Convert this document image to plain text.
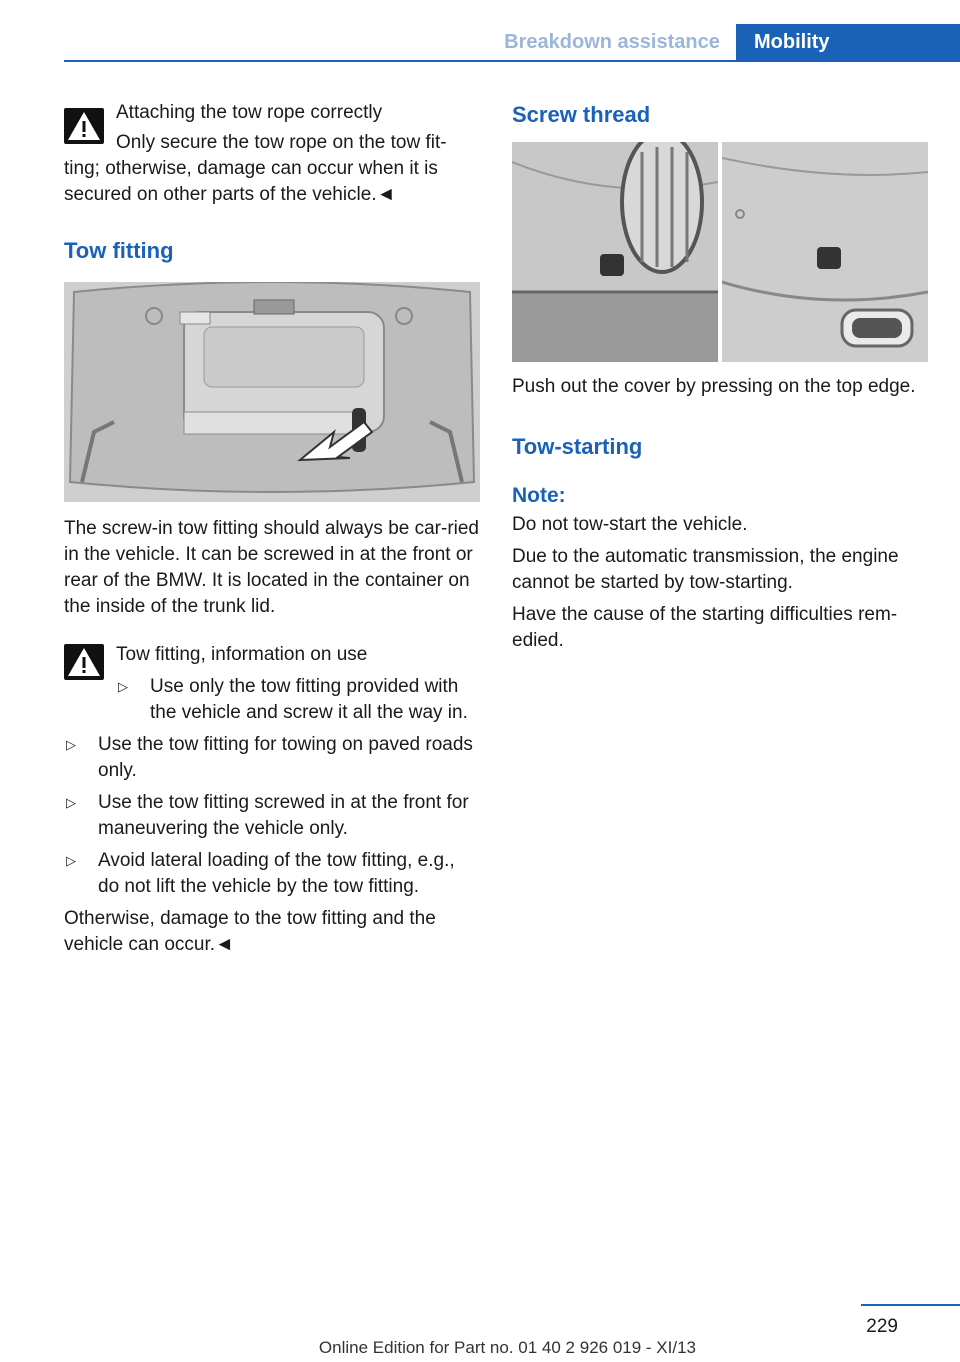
Breakdown assistance	Mobility

Attaching the tow rope correctly

Only secure the tow rope on the tow fit-

ting; otherwise, damage can occur when it is secured on other parts of the vehicle.◄

Tow fitting

The screw-in tow fitting should always be car-ried in the vehicle. It can be screwed in at the front or rear of the BMW. It is located in the container on the inside of the trunk lid.

Tow fitting, information on use

▷ Use only the tow fitting provided with the vehicle and screw it all the way in.
▷ Use the tow fitting for towing on paved roads only.
▷ Use the tow fitting screwed in at the front for maneuvering the vehicle only.
▷ Avoid lateral loading of the tow fitting, e.g., do not lift the vehicle by the tow fitting.

Otherwise, damage to the tow fitting and the vehicle can occur.◄

Screw thread

Push out the cover by pressing on the top edge.

Tow-starting
Note:

Do not tow-start the vehicle.

Due to the automatic transmission, the engine cannot be started by tow-starting.

Have the cause of the starting difficulties rem-edied.

229
Online Edition for Part no. 01 40 2 926 019 - XI/13
